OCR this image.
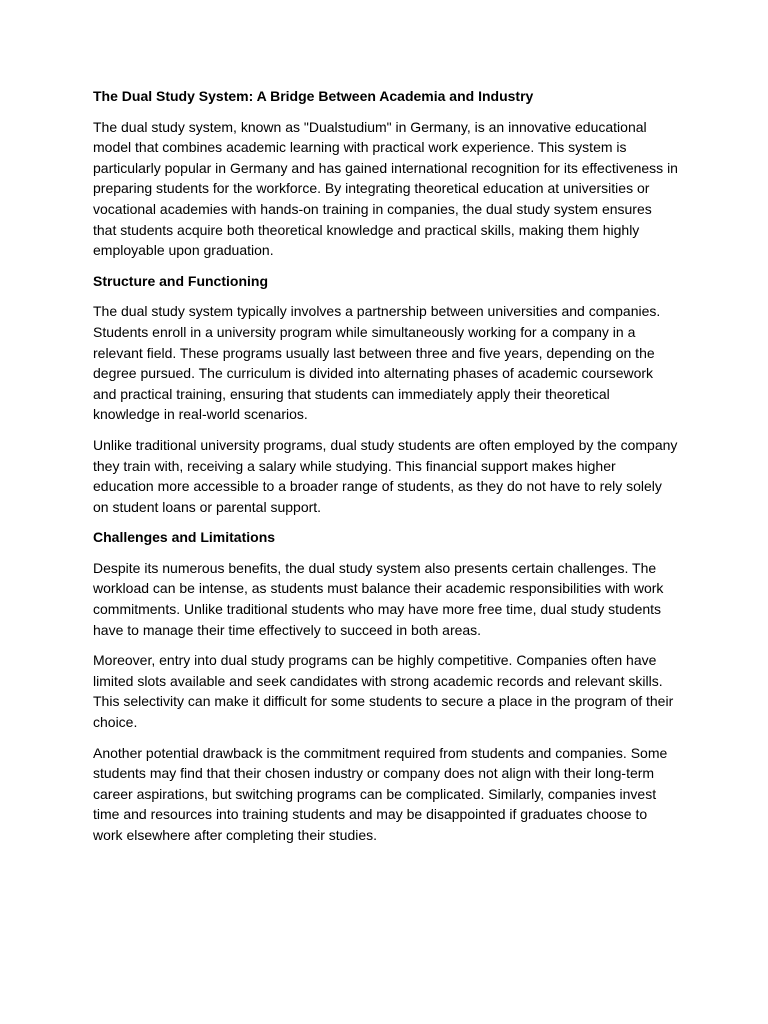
The Dual Study System: A Bridge Between Academia and Industry

The dual study system, known as "Dualstudium" in Germany, is an innovative educational model that combines academic learning with practical work experience. This system is particularly popular in Germany and has gained international recognition for its effectiveness in preparing students for the workforce. By integrating theoretical education at universities or vocational academies with hands-on training in companies, the dual study system ensures that students acquire both theoretical knowledge and practical skills, making them highly employable upon graduation.

Structure and Functioning

The dual study system typically involves a partnership between universities and companies. Students enroll in a university program while simultaneously working for a company in a relevant field. These programs usually last between three and five years, depending on the degree pursued. The curriculum is divided into alternating phases of academic coursework and practical training, ensuring that students can immediately apply their theoretical knowledge in real-world scenarios.

Unlike traditional university programs, dual study students are often employed by the company they train with, receiving a salary while studying. This financial support makes higher education more accessible to a broader range of students, as they do not have to rely solely on student loans or parental support.

Challenges and Limitations

Despite its numerous benefits, the dual study system also presents certain challenges. The workload can be intense, as students must balance their academic responsibilities with work commitments. Unlike traditional students who may have more free time, dual study students have to manage their time effectively to succeed in both areas.

Moreover, entry into dual study programs can be highly competitive. Companies often have limited slots available and seek candidates with strong academic records and relevant skills. This selectivity can make it difficult for some students to secure a place in the program of their choice.

Another potential drawback is the commitment required from students and companies. Some students may find that their chosen industry or company does not align with their long-term career aspirations, but switching programs can be complicated. Similarly, companies invest time and resources into training students and may be disappointed if graduates choose to work elsewhere after completing their studies.
